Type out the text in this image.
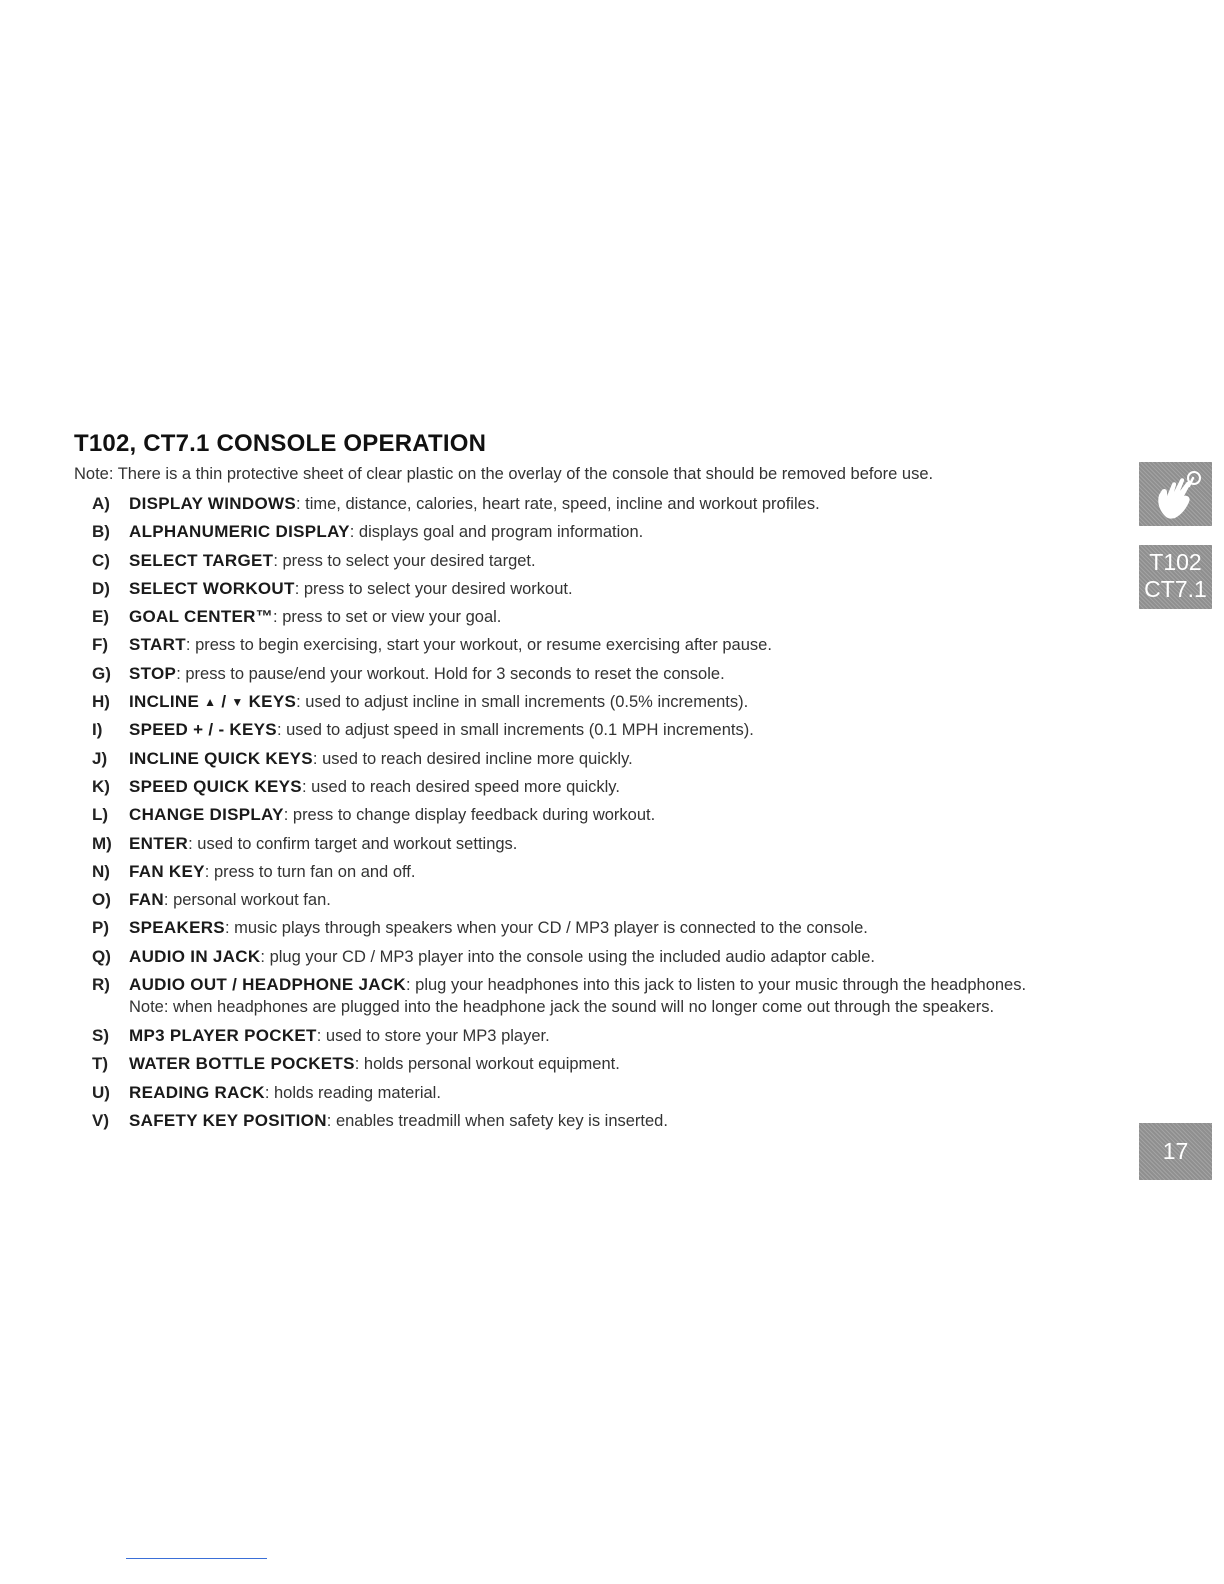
T102, CT7.1 CONSOLE OPERATION
Note: There is a thin protective sheet of clear plastic on the overlay of the console that should be removed before use.
A) DISPLAY WINDOWS: time, distance, calories, heart rate, speed, incline and workout profiles.
B) ALPHANUMERIC DISPLAY: displays goal and program information.
C) SELECT TARGET: press to select your desired target.
D) SELECT WORKOUT: press to select your desired workout.
E) GOAL CENTER™: press to set or view your goal.
F) START: press to begin exercising, start your workout, or resume exercising after pause.
G) STOP: press to pause/end your workout. Hold for 3 seconds to reset the console.
H) INCLINE ▲ / ▼ KEYS: used to adjust incline in small increments (0.5% increments).
I) SPEED + / - KEYS: used to adjust speed in small increments (0.1 MPH increments).
J) INCLINE QUICK KEYS: used to reach desired incline more quickly.
K) SPEED QUICK KEYS: used to reach desired speed more quickly.
L) CHANGE DISPLAY: press to change display feedback during workout.
M) ENTER: used to confirm target and workout settings.
N) FAN KEY: press to turn fan on and off.
O) FAN: personal workout fan.
P) SPEAKERS: music plays through speakers when your CD / MP3 player is connected to the console.
Q) AUDIO IN JACK: plug your CD / MP3 player into the console using the included audio adaptor cable.
R) AUDIO OUT / HEADPHONE JACK: plug your headphones into this jack to listen to your music through the headphones.
Note: when headphones are plugged into the headphone jack the sound will no longer come out through the speakers.
S) MP3 PLAYER POCKET: used to store your MP3 player.
T) WATER BOTTLE POCKETS: holds personal workout equipment.
U) READING RACK: holds reading material.
V) SAFETY KEY POSITION: enables treadmill when safety key is inserted.
T102
CT7.1
17
